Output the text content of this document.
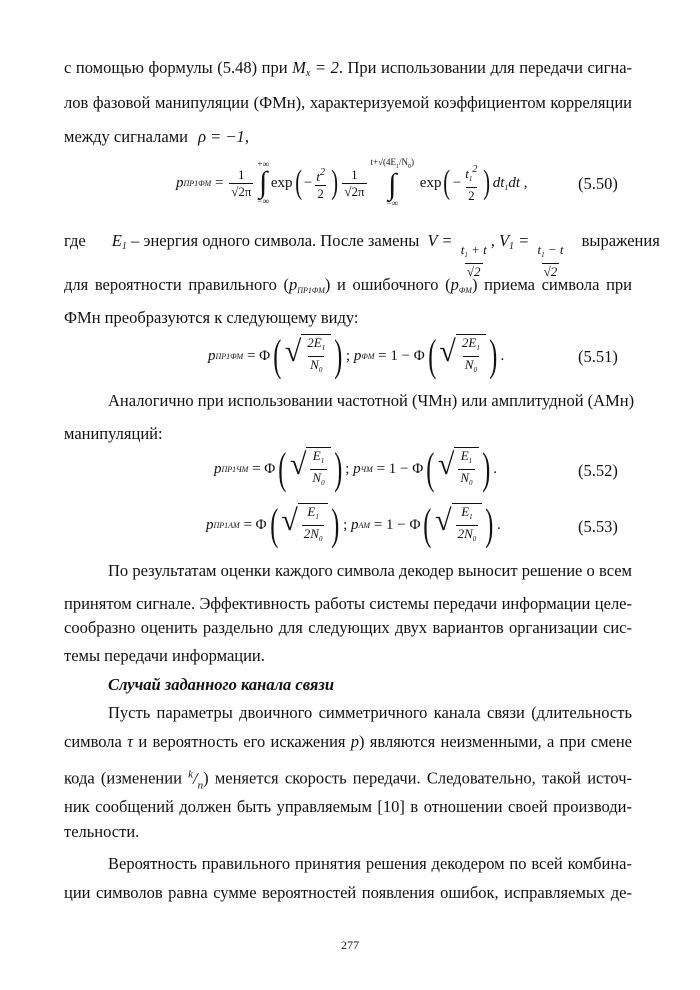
с помощью формулы (5.48) при $M_x = 2$. При использовании для передачи сигна-
лов фазовой манипуляции (ФМн), характеризуемой коэффициентом корреляции
между сигналами ρ = −1,
p $ПР1ФМ = \frac{1}{√2\pi}$
+∞
∫
−∞
exp ( − $\frac{t^2}{2}$ ) $\frac{1}{√2\pi}$
$t+√(4E_1/N_0)$
∫
−∞
exp ( − $\frac{t_1^2}{2}$ ) $dt_1dt$ ,	(5.50)
где $E_1$ – энергия одного символа. После замены V =
$\frac{t_1 + t}{√2}$
, $V_1$ =
$\frac{t_1 - t}{√2}$
выражения
для вероятности правильного $(p_{ПР1ФМ})$ и ошибочного $(p_{ФМ})$ приема символа при
ФМн преобразуются к следующему виду:
p ПР1ФМ = Φ ( √ $\frac{2E_1}{N_0}$ ) ; p ФМ = 1 − Φ ( √ $\frac{2E_1}{N_0}$ ) .	(5.51)
Аналогично при использовании частотной (ЧМн) или амплитудной (АМн)
манипуляций:
p ПР1ЧМ = Φ ( √ $\frac{E_1}{N_0}$ ) ; p ЧМ = 1 − Φ ( √ $\frac{E_1}{N_0}$ ) .	(5.52)
p ПР1АМ = Φ ( √ $\frac{E_1}{2N_0}$ ) ; p АМ = 1 − Φ ( √ $\frac{E_1}{2N_0}$ ) .	(5.53)
По результатам оценки каждого символа декодер выносит решение о всем
принятом сигнале. Эффективность работы системы передачи информации целе-
сообразно оценить раздельно для следующих двух вариантов организации сис-
темы передачи информации.
Случай заданного канала связи
Пусть параметры двоичного симметричного канала связи (длительность
символа τ и вероятность его искажения p) являются неизменными, а при смене
кода (изменении $^k/_n$) меняется скорость передачи. Следовательно, такой источ-
ник сообщений должен быть управляемым [10] в отношении своей производи-
тельности.
Вероятность правильного принятия решения декодером по всей комбина-
ции символов равна сумме вероятностей появления ошибок, исправляемых де-
277
